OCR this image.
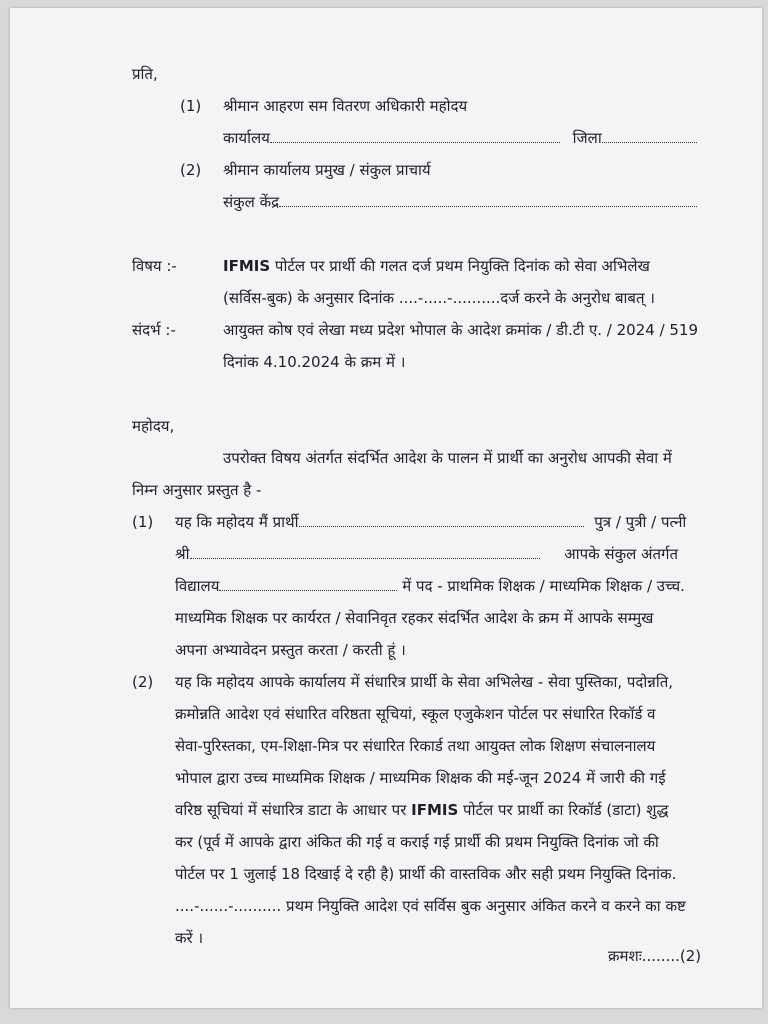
प्रति,
(1) श्रीमान आहरण सम वितरण अधिकारी महोदय
कार्यालय	जिला
(2) श्रीमान कार्यालय प्रमुख / संकुल प्राचार्य
संकुल केंद्र
विषय :-	IFMIS पोर्टल पर प्रार्थी की गलत दर्ज प्रथम नियुक्ति दिनांक को सेवा अभिलेख
(सर्विस-बुक) के अनुसार दिनांक ....-.....-..........दर्ज करने के अनुरोध बाबत् ।
संदर्भ :-	आयुक्त कोष एवं लेखा मध्य प्रदेश भोपाल के आदेश क्रमांक / डी.टी ए. / 2024 / 519
दिनांक 4.10.2024 के क्रम में ।
महोदय,
उपरोक्त विषय अंतर्गत संदर्भित आदेश के पालन में प्रार्थी का अनुरोध आपकी सेवा में
निम्न अनुसार प्रस्तुत है -
(1) यह कि महोदय मैं प्रार्थी	पुत्र / पुत्री / पत्नी
श्री	आपके संकुल अंतर्गत
विद्यालय	में पद - प्राथमिक शिक्षक / माध्यमिक शिक्षक / उच्च.
माध्यमिक शिक्षक पर कार्यरत / सेवानिवृत रहकर संदर्भित आदेश के क्रम में आपके सम्मुख
अपना अभ्यावेदन प्रस्तुत करता / करती हूं ।
(2) यह कि महोदय आपके कार्यालय में संधारित्र प्रार्थी के सेवा अभिलेख - सेवा पुस्तिका, पदोन्नति,
क्रमोन्नति आदेश एवं संधारित वरिष्ठता सूचियां, स्कूल एजुकेशन पोर्टल पर संधारित रिकॉर्ड व
सेवा-पुरिस्तका, एम-शिक्षा-मित्र पर संधारित रिकार्ड तथा आयुक्त लोक शिक्षण संचालनालय
भोपाल द्वारा उच्च माध्यमिक शिक्षक / माध्यमिक शिक्षक की मई-जून 2024 में जारी की गई
वरिष्ठ सूचियां में संधारित्र डाटा के आधार पर IFMIS पोर्टल पर प्रार्थी का रिकॉर्ड (डाटा) शुद्ध
कर (पूर्व में आपके द्वारा अंकित की गई व कराई गई प्रार्थी की प्रथम नियुक्ति दिनांक जो की
पोर्टल पर 1 जुलाई 18 दिखाई दे रही है) प्रार्थी की वास्तविक और सही प्रथम नियुक्ति दिनांक.
....-......-.......... प्रथम नियुक्ति आदेश एवं सर्विस बुक अनुसार अंकित करने व करने का कष्ट
करें ।
क्रमशः........(2)
